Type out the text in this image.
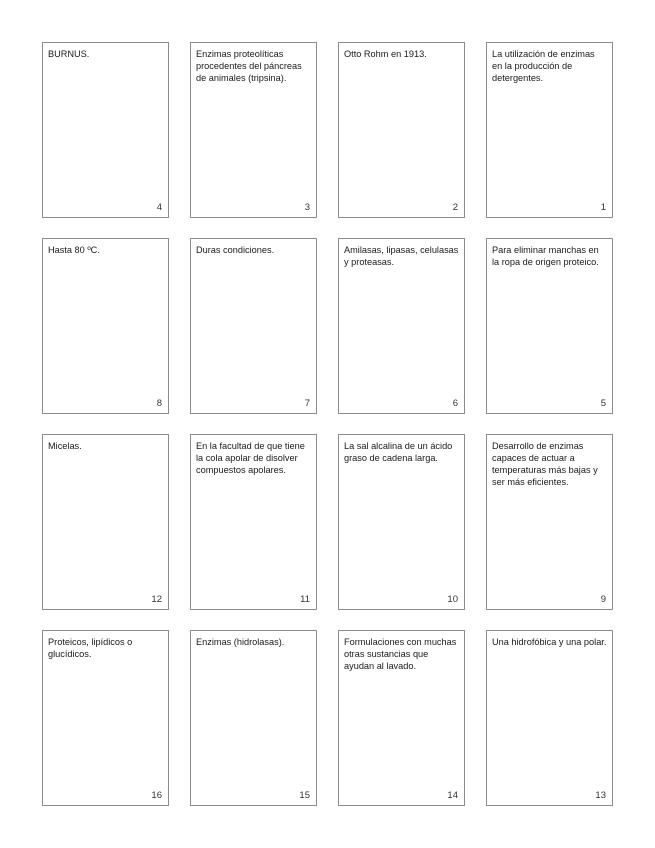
BURNUS.
4
Enzimas proteolíticas procedentes del páncreas de animales (tripsina).
3
Otto Rohm en 1913.
2
La utilización de enzimas en la producción de detergentes.
1
Hasta 80 ºC.
8
Duras condiciones.
7
Amilasas, lipasas, celulasas y proteasas.
6
Para eliminar manchas en la ropa de origen proteico.
5
Micelas.
12
En la facultad de que tiene la cola apolar de disolver compuestos apolares.
11
La sal alcalina de un ácido graso de cadena larga.
10
Desarrollo de enzimas capaces de actuar a temperaturas más bajas y ser más eficientes.
9
Proteicos, lipídicos o glucídicos.
16
Enzimas (hidrolasas).
15
Formulaciones con muchas otras sustancias que ayudan al lavado.
14
Una hidrofóbica y una polar.
13
